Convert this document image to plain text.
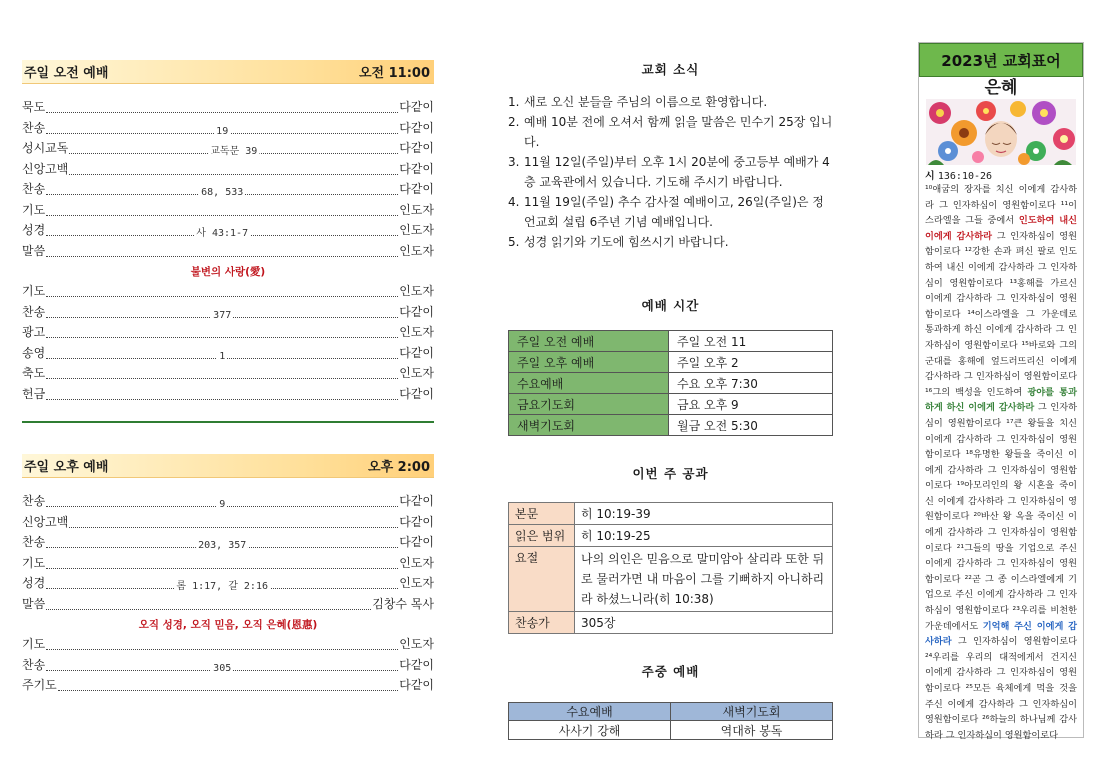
주일 오전 예배	오전 11:00
묵도	다같이
찬송	19	다같이
성시교독	교독문 39	다같이
신앙고백	다같이
찬송	68, 533	다같이
기도	인도자
성경	사 43:1-7	인도자
말씀	인도자
불변의 사랑(愛)
기도	인도자
찬송	377	다같이
광고	인도자
송영	1	다같이
축도	인도자
헌금	다같이
주일 오후 예배	오후 2:00
찬송	9	다같이
신앙고백	다같이
찬송	203, 357	다같이
기도	인도자
성경	롬 1:17, 갈 2:16	인도자
말씀	김창수 목사
오직 성경, 오직 믿음, 오직 은혜(恩惠)
기도	인도자
찬송	305	다같이
주기도	다같이
교회 소식
1. 새로 오신 분들을 주님의 이름으로 환영합니다.
2. 예배 10분 전에 오셔서 함께 읽을 말씀은 민수기 25장 입니다.
3. 11월 12일(주일)부터 오후 1시 20분에 중고등부 예배가 4층 교육관에서 있습니다. 기도해 주시기 바랍니다.
4. 11월 19일(주일) 추수 감사절 예배이고, 26일(주일)은 정언교회 설립 6주년 기념 예배입니다.
5. 성경 읽기와 기도에 힘쓰시기 바랍니다.
예배 시간
주일 오전 예배	주일 오전 11
주일 오후 예배	주일 오후 2
수요예배	수요 오후 7:30
금요기도회	금요 오후 9
새벽기도회	월금 오전 5:30
이번 주 공과
본문	히 10:19-39
읽은 범위	히 10:19-25
요절	나의 의인은 믿음으로 말미암아 살리라 또한 뒤로 물러가면 내 마음이 그를 기뻐하지 아니하리라 하셨느니라(히 10:38)
찬송가	305장
주중 예배
수요예배	새벽기도회
사사기 강해	역대하 봉독
2023년 교회표어
은혜
시 136:10-26
¹⁰애굽의 장자를 치신 이에게 감사하라 그 인자하심이 영원함이로다 ¹¹이스라엘을 그들 중에서 인도하여 내신 이에게 감사하라 그 인자하심이 영원함이로다 ¹²강한 손과 펴신 팔로 인도하여 내신 이에게 감사하라 그 인자하심이 영원함이로다 ¹³홍해를 가르신 이에게 감사하라 그 인자하심이 영원함이로다 ¹⁴이스라엘을 그 가운데로 통과하게 하신 이에게 감사하라 그 인자하심이 영원함이로다 ¹⁵바로와 그의 군대를 홍해에 엎드러뜨리신 이에게 감사하라 그 인자하심이 영원함이로다 ¹⁶그의 백성을 인도하여 광야를 통과하게 하신 이에게 감사하라 그 인자하심이 영원함이로다 ¹⁷큰 왕들을 치신 이에게 감사하라 그 인자하심이 영원함이로다 ¹⁸유명한 왕들을 죽이신 이에게 감사하라 그 인자하심이 영원함이로다 ¹⁹아모리인의 왕 시혼을 죽이신 이에게 감사하라 그 인자하심이 영원함이로다 ²⁰바산 왕 옥을 죽이신 이에게 감사하라 그 인자하심이 영원함이로다 ²¹그들의 땅을 기업으로 주신 이에게 감사하라 그 인자하심이 영원함이로다 ²²곧 그 종 이스라엘에게 기업으로 주신 이에게 감사하라 그 인자하심이 영원함이로다 ²³우리를 비천한 가운데에서도 기억해 주신 이에게 감사하라 그 인자하심이 영원함이로다 ²⁴우리를 우리의 대적에게서 건지신 이에게 감사하라 그 인자하심이 영원함이로다 ²⁵모든 육체에게 먹을 것을 주신 이에게 감사하라 그 인자하심이 영원함이로다 ²⁶하늘의 하나님께 감사하라 그 인자하심이 영원함이로다
